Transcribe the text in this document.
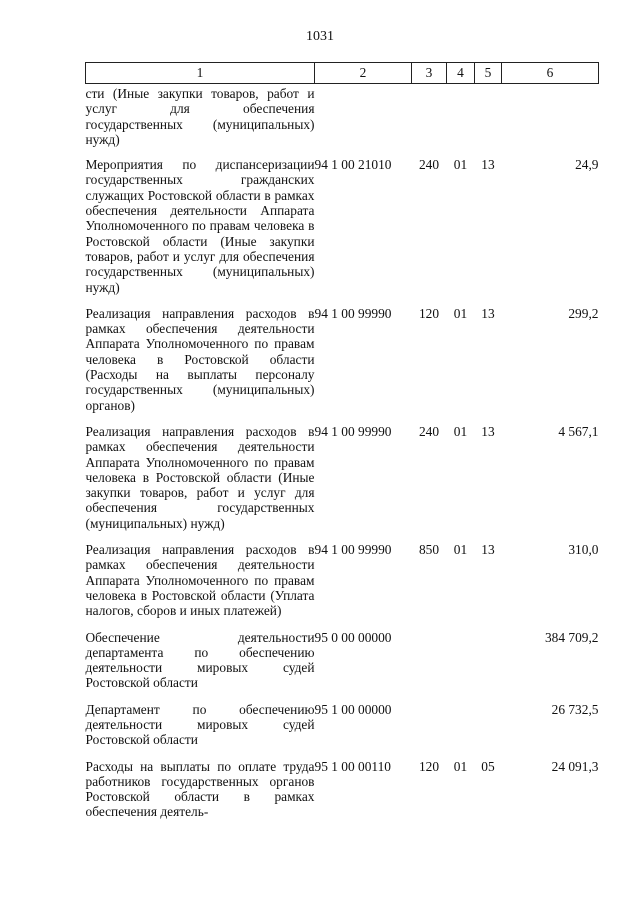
1031
1	2	3	4	5	6
сти (Иные закупки товаров, работ и услуг для обеспечения государственных (муниципальных) нужд)					
Мероприятия по диспансеризации государственных гражданских служащих Ростовской области в рамках обеспечения деятельности Аппарата Уполномоченного по правам человека в Ростовской области (Иные закупки товаров, работ и услуг для обеспечения государственных (муниципальных) нужд)	94 1 00 21010	240	01	13	24,9
Реализация направления расходов в рамках обеспечения деятельности Аппарата Уполномоченного по правам человека в Ростовской области (Расходы на выплаты персоналу государственных (муниципальных) органов)	94 1 00 99990	120	01	13	299,2
Реализация направления расходов в рамках обеспечения деятельности Аппарата Уполномоченного по правам человека в Ростовской области (Иные закупки товаров, работ и услуг для обеспечения государственных (муниципальных) нужд)	94 1 00 99990	240	01	13	4 567,1
Реализация направления расходов в рамках обеспечения деятельности Аппарата Уполномоченного по правам человека в Ростовской области (Уплата налогов, сборов и иных платежей)	94 1 00 99990	850	01	13	310,0
Обеспечение деятельности департамента по обеспечению деятельности мировых судей Ростовской области	95 0 00 00000				384 709,2
Департамент по обеспечению деятельности мировых судей Ростовской области	95 1 00 00000				26 732,5
Расходы на выплаты по оплате труда работников государственных органов Ростовской области в рамках обеспечения деятель-	95 1 00 00110	120	01	05	24 091,3
